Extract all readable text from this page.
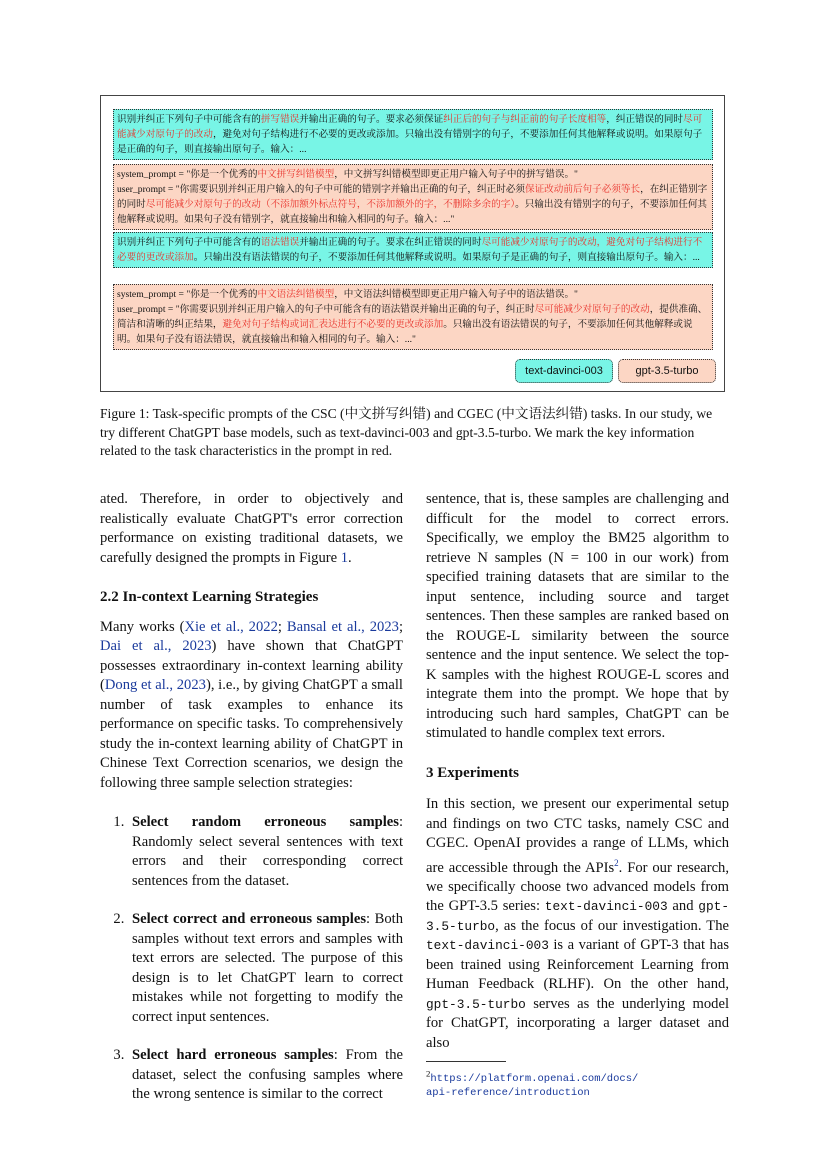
识别并纠正下列句子中可能含有的拼写错误并输出正确的句子。要求必须保证纠正后的句子与纠正前的句子长度相等，纠正错误的同时尽可能减少对原句子的改动，避免对句子结构进行不必要的更改或添加。只输出没有错别字的句子，不要添加任何其他解释或说明。如果原句子是正确的句子，则直接输出原句子。输入：...
system_prompt = "你是一个优秀的中文拼写纠错模型，中文拼写纠错模型即更正用户输入句子中的拼写错误。"
user_prompt = "你需要识别并纠正用户输入的句子中可能的错别字并输出正确的句子，纠正时必须保证改动前后句子必须等长，在纠正错别字的同时尽可能减少对原句子的改动（不添加额外标点符号，不添加额外的字，不删除多余的字）。只输出没有错别字的句子，不要添加任何其他解释或说明。如果句子没有错别字，就直接输出和输入相同的句子。输入：..."
识别并纠正下列句子中可能含有的语法错误并输出正确的句子。要求在纠正错误的同时尽可能减少对原句子的改动，避免对句子结构进行不必要的更改或添加。只输出没有语法错误的句子，不要添加任何其他解释或说明。如果原句子是正确的句子，则直接输出原句子。输入：...
system_prompt = "你是一个优秀的中文语法纠错模型，中文语法纠错模型即更正用户输入句子中的语法错误。"
user_prompt = "你需要识别并纠正用户输入的句子中可能含有的语法错误并输出正确的句子，纠正时尽可能减少对原句子的改动，提供准确、简洁和清晰的纠正结果，避免对句子结构或词汇表达进行不必要的更改或添加。只输出没有语法错误的句子，不要添加任何其他解释或说明。如果句子没有语法错误，就直接输出和输入相同的句子。输入：..."
text-davinci-003	gpt-3.5-turbo
Figure 1: Task-specific prompts of the CSC (中文拼写纠错) and CGEC (中文语法纠错) tasks. In our study, we try different ChatGPT base models, such as text-davinci-003 and gpt-3.5-turbo. We mark the key information related to the task characteristics in the prompt in red.

ated. Therefore, in order to objectively and realistically evaluate ChatGPT's error correction performance on existing traditional datasets, we carefully designed the prompts in Figure 1.

2.2 In-context Learning Strategies

Many works (Xie et al., 2022; Bansal et al., 2023; Dai et al., 2023) have shown that ChatGPT possesses extraordinary in-context learning ability (Dong et al., 2023), i.e., by giving ChatGPT a small number of task examples to enhance its performance on specific tasks. To comprehensively study the in-context learning ability of ChatGPT in Chinese Text Correction scenarios, we design the following three sample selection strategies:

1. Select random erroneous samples: Randomly select several sentences with text errors and their corresponding correct sentences from the dataset.
2. Select correct and erroneous samples: Both samples without text errors and samples with text errors are selected. The purpose of this design is to let ChatGPT learn to correct mistakes while not forgetting to modify the correct input sentences.
3. Select hard erroneous samples: From the dataset, select the confusing samples where the wrong sentence is similar to the correct

sentence, that is, these samples are challenging and difficult for the model to correct errors. Specifically, we employ the BM25 algorithm to retrieve N samples (N = 100 in our work) from specified training datasets that are similar to the input sentence, including source and target sentences. Then these samples are ranked based on the ROUGE-L similarity between the source sentence and the input sentence. We select the top-K samples with the highest ROUGE-L scores and integrate them into the prompt. We hope that by introducing such hard samples, ChatGPT can be stimulated to handle complex text errors.

3 Experiments

In this section, we present our experimental setup and findings on two CTC tasks, namely CSC and CGEC. OpenAI provides a range of LLMs, which are accessible through the APIs$^2$. For our research, we specifically choose two advanced models from the GPT-3.5 series: text-davinci-003 and gpt-3.5-turbo, as the focus of our investigation. The text-davinci-003 is a variant of GPT-3 that has been trained using Reinforcement Learning from Human Feedback (RLHF). On the other hand, gpt-3.5-turbo serves as the underlying model for ChatGPT, incorporating a larger dataset and also

$^2$https://platform.openai.com/docs/
api-reference/introduction
